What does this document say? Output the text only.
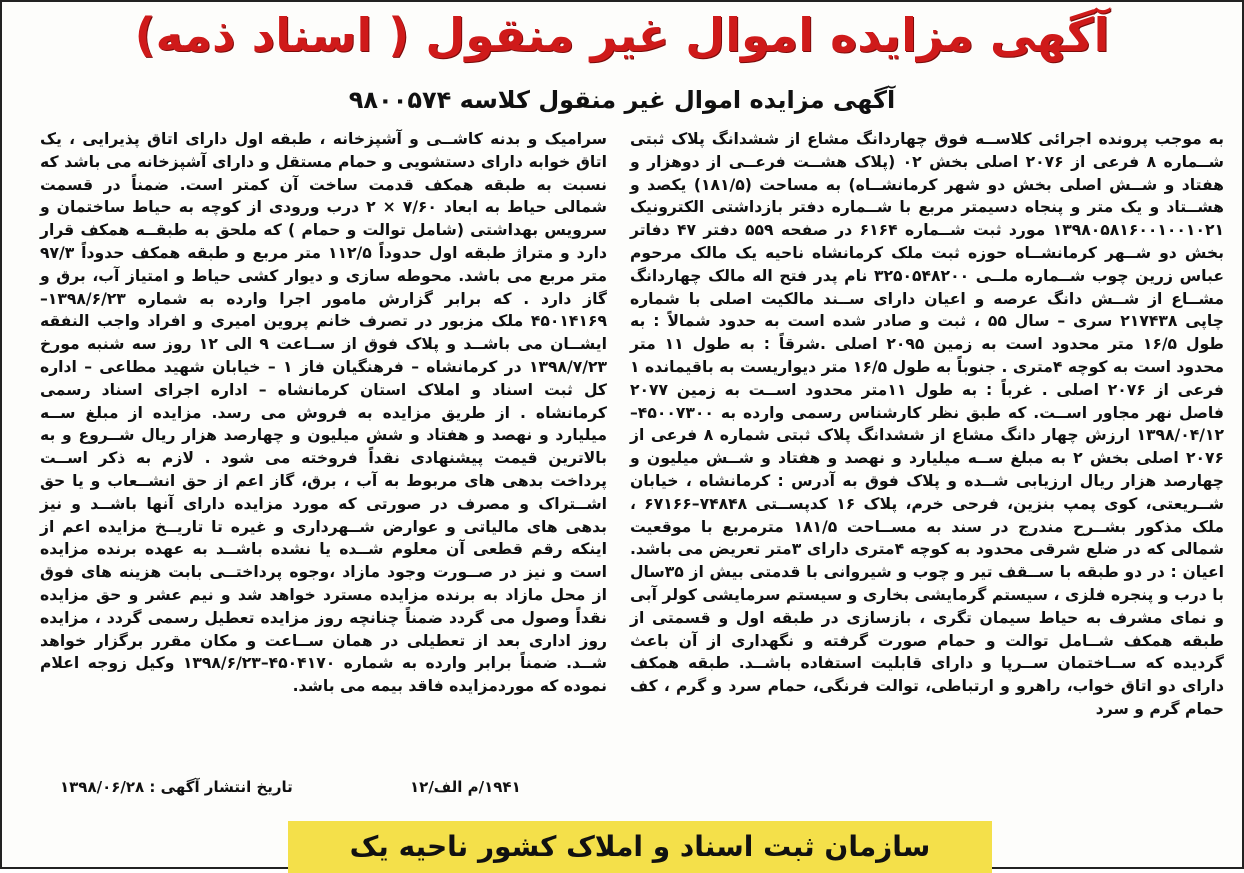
آگهی مزایده اموال غیر منقول ( اسناد ذمه)
آگهی مزایده اموال غیر منقول کلاسه ۹۸۰۰۵۷۴

به موجب پرونده اجرائی کلاســه فوق چهاردانگ مشاع از ششدانگ پلاک ثبتی شــماره ۸ فرعی از ۲۰۷۶ اصلی بخش ۰۲ (پلاک هشــت فرعــی از دوهزار و هفتاد و شــش اصلی بخش دو شهر کرمانشــاه) به مساحت (۱۸۱/۵) یکصد و هشــتاد و یک متر و پنجاه دسیمتر مربع با شــماره دفتر بازداشتی الکترونیک ۱۳۹۸۰۵۸۱۶۰۰۱۰۰۱۰۲۱ مورد ثبت شــماره ۶۱۶۴ در صفحه ۵۵۹ دفتر ۴۷ دفاتر بخش دو شــهر کرمانشــاه حوزه ثبت ملک کرمانشاه ناحیه یک مالک مرحوم عباس زرین چوب شــماره ملــی ۳۲۵۰۵۴۸۲۰۰ نام پدر فتح اله مالک چهاردانگ مشــاع از شــش دانگ عرصه و اعیان دارای ســند مالکیت اصلی با شماره چاپی ۲۱۷۴۳۸ سری – سال ۵۵ ، ثبت و صادر شده است به حدود شمالاً : به طول ۱۶/۵ متر محدود است به زمین ۲۰۹۵ اصلی .شرقاً : به طول ۱۱ متر محدود است به کوچه ۴متری . جنوباً به طول ۱۶/۵ متر دیواریست به باقیمانده ۱ فرعی از ۲۰۷۶ اصلی . غرباً : به طول ۱۱متر محدود اســت به زمین ۲۰۷۷ فاصل نهر مجاور اســت. که طبق نظر کارشناس رسمی وارده به ۴۵۰۰۷۳۰۰– ۱۳۹۸/۰۴/۱۲ ارزش چهار دانگ مشاع از ششدانگ پلاک ثبتی شماره ۸ فرعی از ۲۰۷۶ اصلی بخش ۲ به مبلغ ســه میلیارد و نهصد و هفتاد و شــش میلیون و چهارصد هزار ریال ارزیابی شــده و پلاک فوق به آدرس : کرمانشاه ، خیابان شــریعتی، کوی پمپ بنزین، فرحی خرم، پلاک ۱۶ کدپســتی ۷۴۸۴۸–۶۷۱۶۶ ، ملک مذکور بشــرح مندرج در سند به مســاحت ۱۸۱/۵ مترمربع با موقعیت شمالی که در ضلع شرقی محدود به کوچه ۴متری دارای ۳متر تعریض می باشد. اعیان : در دو طبقه با ســقف تیر و چوب و شیروانی با قدمتی بیش از ۳۵سال با درب و پنجره فلزی ، سیستم گرمایشی بخاری و سیستم سرمایشی کولر آبی و نمای مشرف به حیاط سیمان تگری ، بازسازی در طبقه اول و قسمتی از طبقه همکف شــامل توالت و حمام صورت گرفته و نگهداری از آن باعث گردیده که ســاختمان ســرپا و دارای قابلیت استفاده باشــد. طبقه همکف دارای دو اتاق خواب، راهرو و ارتباطی، توالت فرنگی، حمام سرد و گرم ، کف حمام گرم و سرد

سرامیک و بدنه کاشــی و آشپزخانه ، طبقه اول دارای اتاق پذیرایی ، یک اتاق خوابه دارای دستشویی و حمام مستقل و دارای آشپزخانه می باشد که نسبت به طبقه همکف قدمت ساخت آن کمتر است. ضمناً در قسمت شمالی حیاط به ابعاد ۷/۶۰ × ۲ درب ورودی از کوچه به حیاط ساختمان و سرویس بهداشتی (شامل توالت و حمام ) که ملحق به طبقــه همکف قرار دارد و متراژ طبقه اول حدوداً ۱۱۲/۵ متر مربع و طبقه همکف حدوداً ۹۷/۳ متر مربع می باشد. محوطه سازی و دیوار کشی حیاط و امتیاز آب، برق و گاز دارد . که برابر گزارش مامور اجرا وارده به شماره ۱۳۹۸/۶/۲۳–۴۵۰۱۴۱۶۹ ملک مزبور در تصرف خانم پروین امیری و افراد واجب النفقه ایشــان می باشــد و پلاک فوق از ســاعت ۹ الی ۱۲ روز سه شنبه مورخ ۱۳۹۸/۷/۲۳ در کرمانشاه – فرهنگیان فاز ۱ – خیابان شهید مطاعی – اداره کل ثبت اسناد و املاک استان کرمانشاه – اداره اجرای اسناد رسمی کرمانشاه . از طریق مزایده به فروش می رسد. مزایده از مبلغ ســه میلیارد و نهصد و هفتاد و شش میلیون و چهارصد هزار ریال شــروع و به بالاترین قیمت پیشنهادی نقداً فروخته می شود . لازم به ذکر اســت پرداخت بدهی های مربوط به آب ، برق، گاز اعم از حق انشــعاب و یا حق اشــتراک و مصرف در صورتی که مورد مزایده دارای آنها باشــد و نیز بدهی های مالیاتی و عوارض شــهرداری و غیره تا تاریــخ مزایده اعم از اینکه رقم قطعی آن معلوم شــده یا نشده باشــد به عهده برنده مزایده است و نیز در صــورت وجود مازاد ،وجوه پرداختــی بابت هزینه های فوق از محل مازاد به برنده مزایده مسترد خواهد شد و نیم عشر و حق مزایده نقداً وصول می گردد ضمناً چنانچه روز مزایده تعطیل رسمی گردد ، مزایده روز اداری بعد از تعطیلی در همان ســاعت و مکان مقرر برگزار خواهد شــد. ضمناً برابر وارده به شماره ۴۵۰۴۱۷۰–۱۳۹۸/۶/۲۳ وکیل زوجه اعلام نموده که موردمزایده فاقد بیمه می باشد.

تاریخ انتشار آگهی : ۱۳۹۸/۰۶/۲۸	۱۹۴۱/م الف/۱۲
سازمان ثبت اسناد و املاک کشور ناحیه یک
